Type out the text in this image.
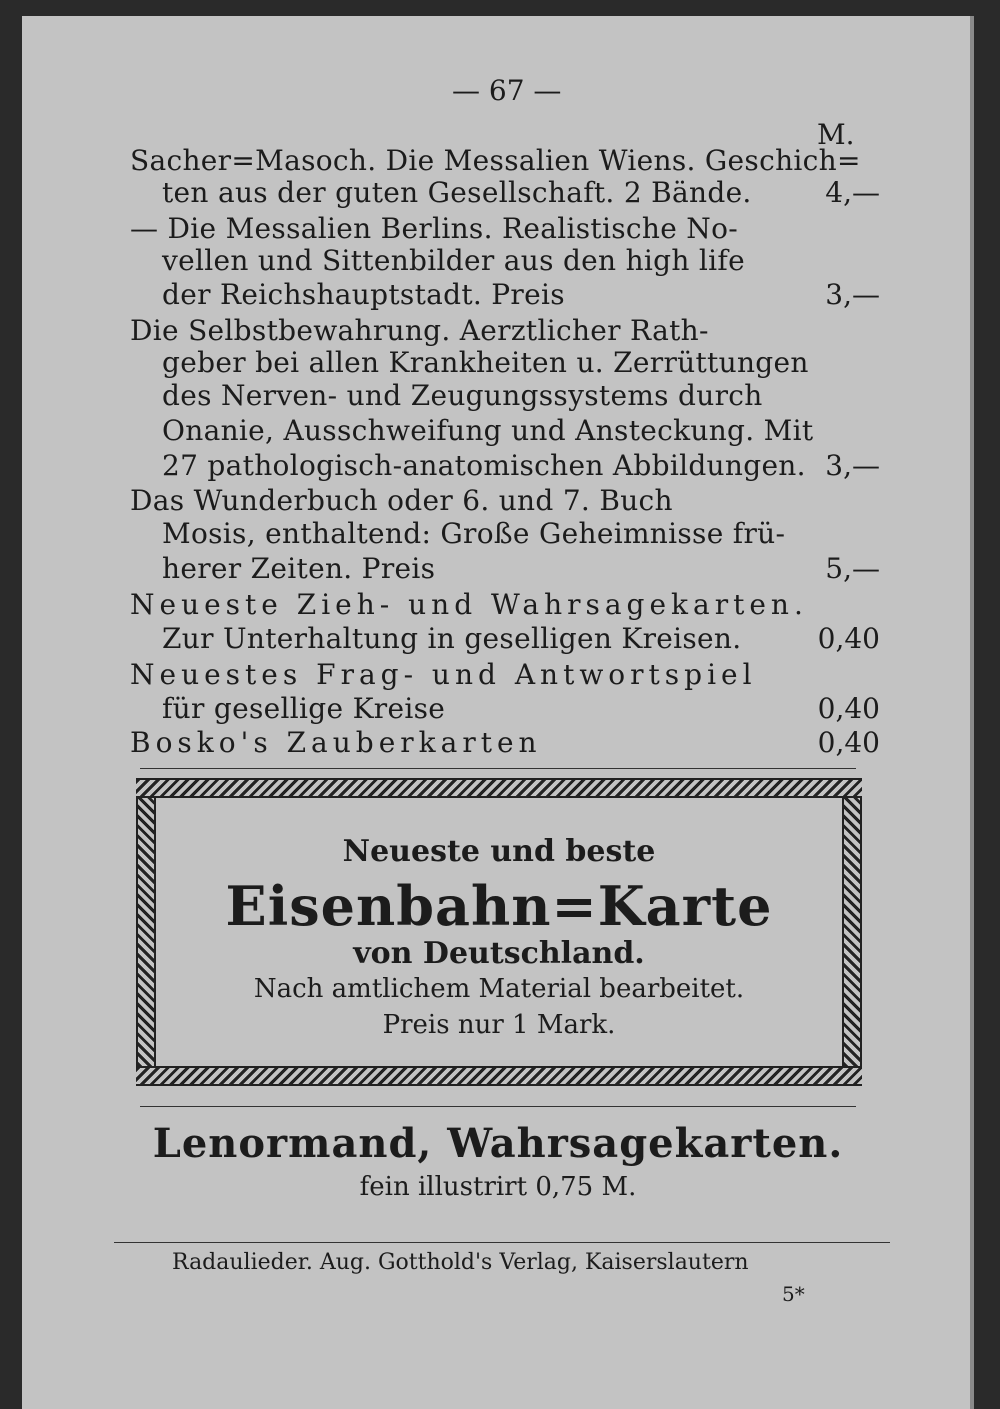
— 67 —
M.
Sacher=Masoch. Die Messalien Wiens. Geschich=
ten aus der guten Gesellschaft. 2 Bände.	4,—
— Die Messalien Berlins. Realistische No-
vellen und Sittenbilder aus den high life
der Reichshauptstadt. Preis	3,—
Die Selbstbewahrung. Aerztlicher Rath-
geber bei allen Krankheiten u. Zerrüttungen
des Nerven- und Zeugungssystems durch
Onanie, Ausschweifung und Ansteckung. Mit
27 pathologisch-anatomischen Abbildungen. 3,—
Das Wunderbuch oder 6. und 7. Buch
Mosis, enthaltend: Große Geheimnisse frü-
herer Zeiten. Preis	5,—
Neueste Zieh- und Wahrsagekarten.
Zur Unterhaltung in geselligen Kreisen.	0,40
Neuestes Frag- und Antwortspiel
für gesellige Kreise	0,40
Bosko's Zauberkarten	0,40
Neueste und beste
Eisenbahn=Karte
von Deutschland.
Nach amtlichem Material bearbeitet.
Preis nur 1 Mark.
Lenormand, Wahrsagekarten.
fein illustrirt 0,75 M.
Radaulieder. Aug. Gotthold's Verlag, Kaiserslautern
5*
